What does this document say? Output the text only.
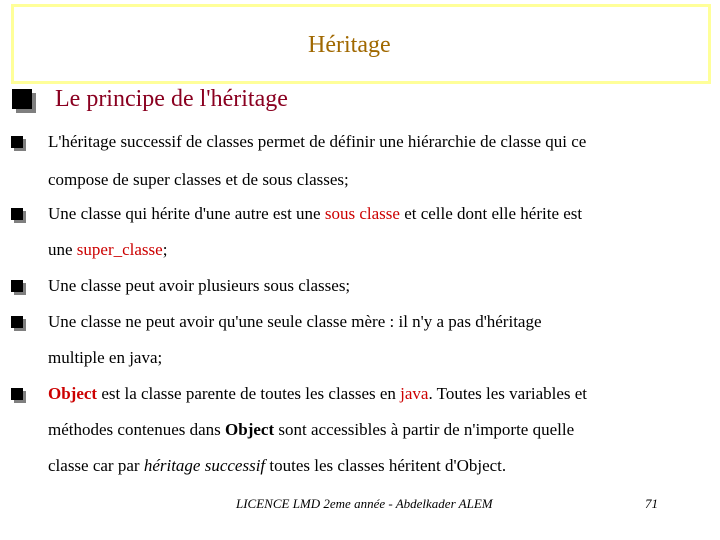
Héritage
Le principe de l'héritage
L'héritage successif de classes permet de définir une hiérarchie de classe qui ce
compose de super classes et de sous classes;
Une classe qui hérite d'une autre est une sous classe et celle dont elle hérite est
une super_classe;
Une classe peut avoir plusieurs sous classes;
Une classe ne peut avoir qu'une seule classe mère : il n'y a pas d'héritage
multiple en java;
Object est la classe parente de toutes les classes en java. Toutes les variables et
méthodes contenues dans Object sont accessibles à partir de n'importe quelle
classe car par héritage successif toutes les classes héritent d'Object.
LICENCE LMD 2eme année - Abdelkader ALEM	71
